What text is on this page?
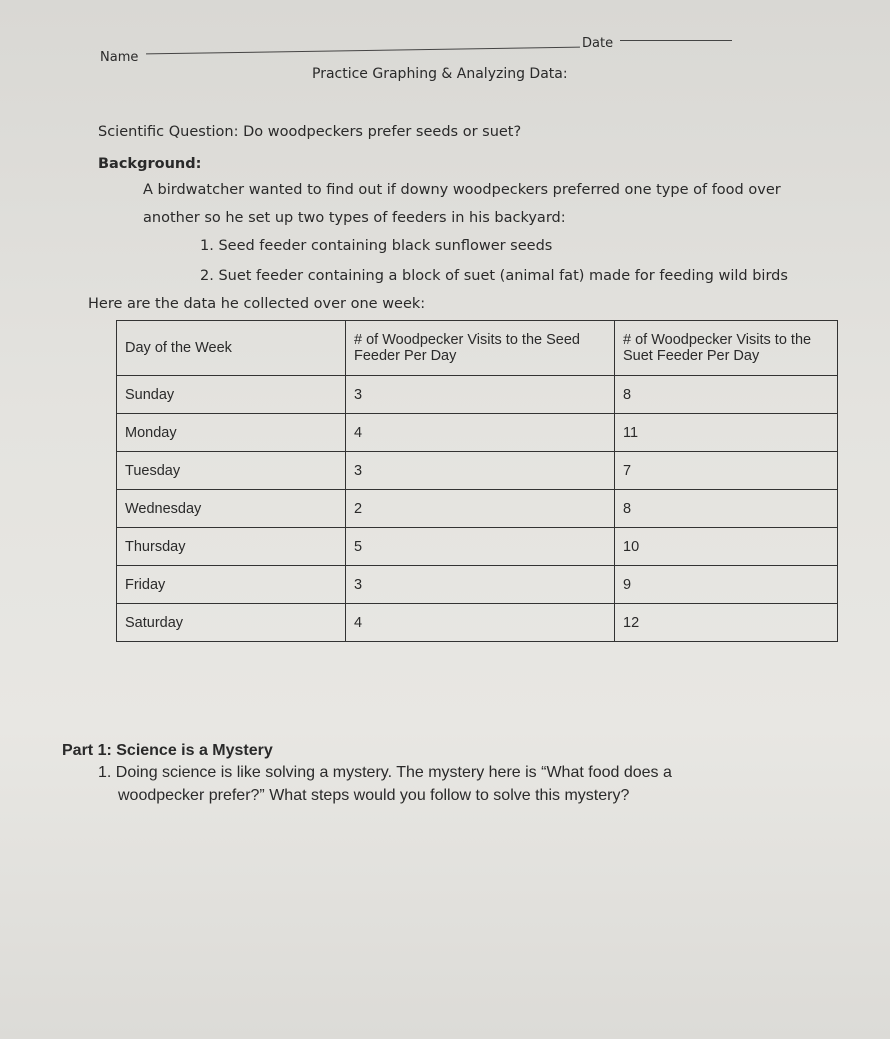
Name
Date
Practice Graphing & Analyzing Data:
Scientific Question: Do woodpeckers prefer seeds or suet?
Background:
A birdwatcher wanted to find out if downy woodpeckers preferred one type of food over
another so he set up two types of feeders in his backyard:
1. Seed feeder containing black sunflower seeds
2. Suet feeder containing a block of suet (animal fat) made for feeding wild birds
Here are the data he collected over one week:
Day of the Week	# of Woodpecker Visits to the Seed Feeder Per Day	# of Woodpecker Visits to the Suet Feeder Per Day
Sunday	3	8
Monday	4	11
Tuesday	3	7
Wednesday	2	8
Thursday	5	10
Friday	3	9
Saturday	4	12
Part 1: Science is a Mystery
1. Doing science is like solving a mystery. The mystery here is “What food does a
woodpecker prefer?” What steps would you follow to solve this mystery?
